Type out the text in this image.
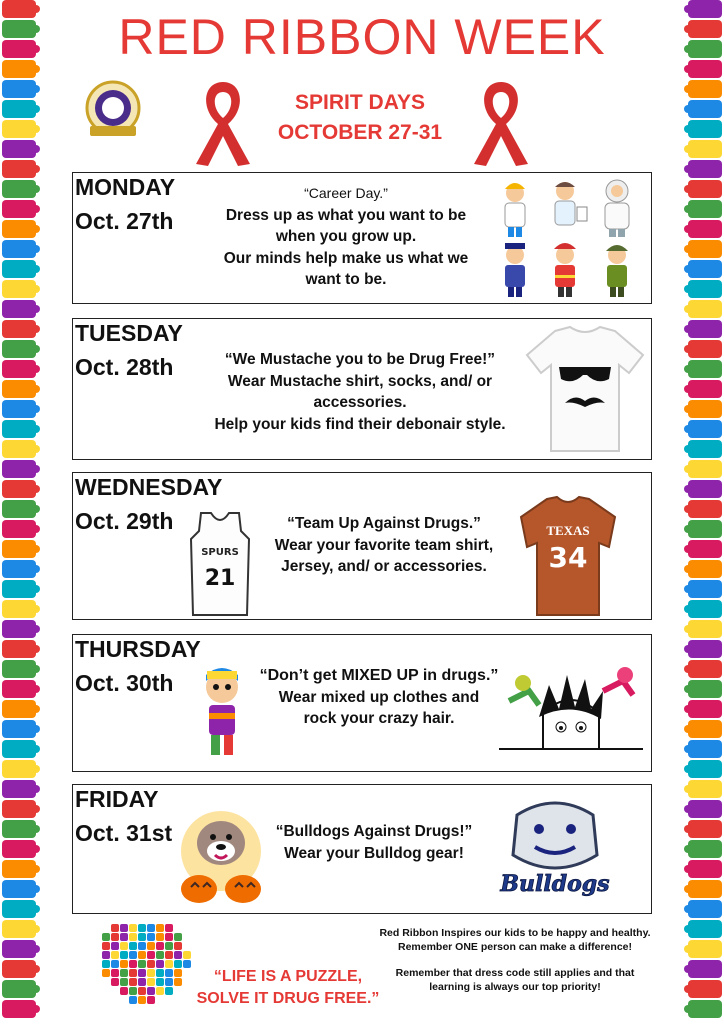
RED RIBBON WEEK
SPIRIT DAYS
OCTOBER 27-31
MONDAY
Oct. 27th
“Career Day.”
Dress up as what you want to be
when you grow up.
Our minds help make us what we
want to be.
TUESDAY
Oct. 28th	“We Mustache you to be Drug Free!”
Wear Mustache shirt, socks, and/ or
accessories.
Help your kids find their debonair style.
WEDNESDAY
Oct. 29th
SPURS
21
“Team Up Against Drugs.”
Wear your favorite team shirt,
Jersey, and/ or accessories.
TEXAS
34
THURSDAY
Oct. 30th	“Don’t get MIXED UP in drugs.”
Wear mixed up clothes and
rock your crazy hair.
FRIDAY
Oct. 31st	“Bulldogs Against Drugs!”
Wear your Bulldog gear!
Bulldogs
“LIFE IS A PUZZLE,
SOLVE IT DRUG FREE.”
Red Ribbon Inspires our kids to be happy and healthy.
Remember ONE person can make a difference!
Remember that dress code still applies and that
learning is always our top priority!
